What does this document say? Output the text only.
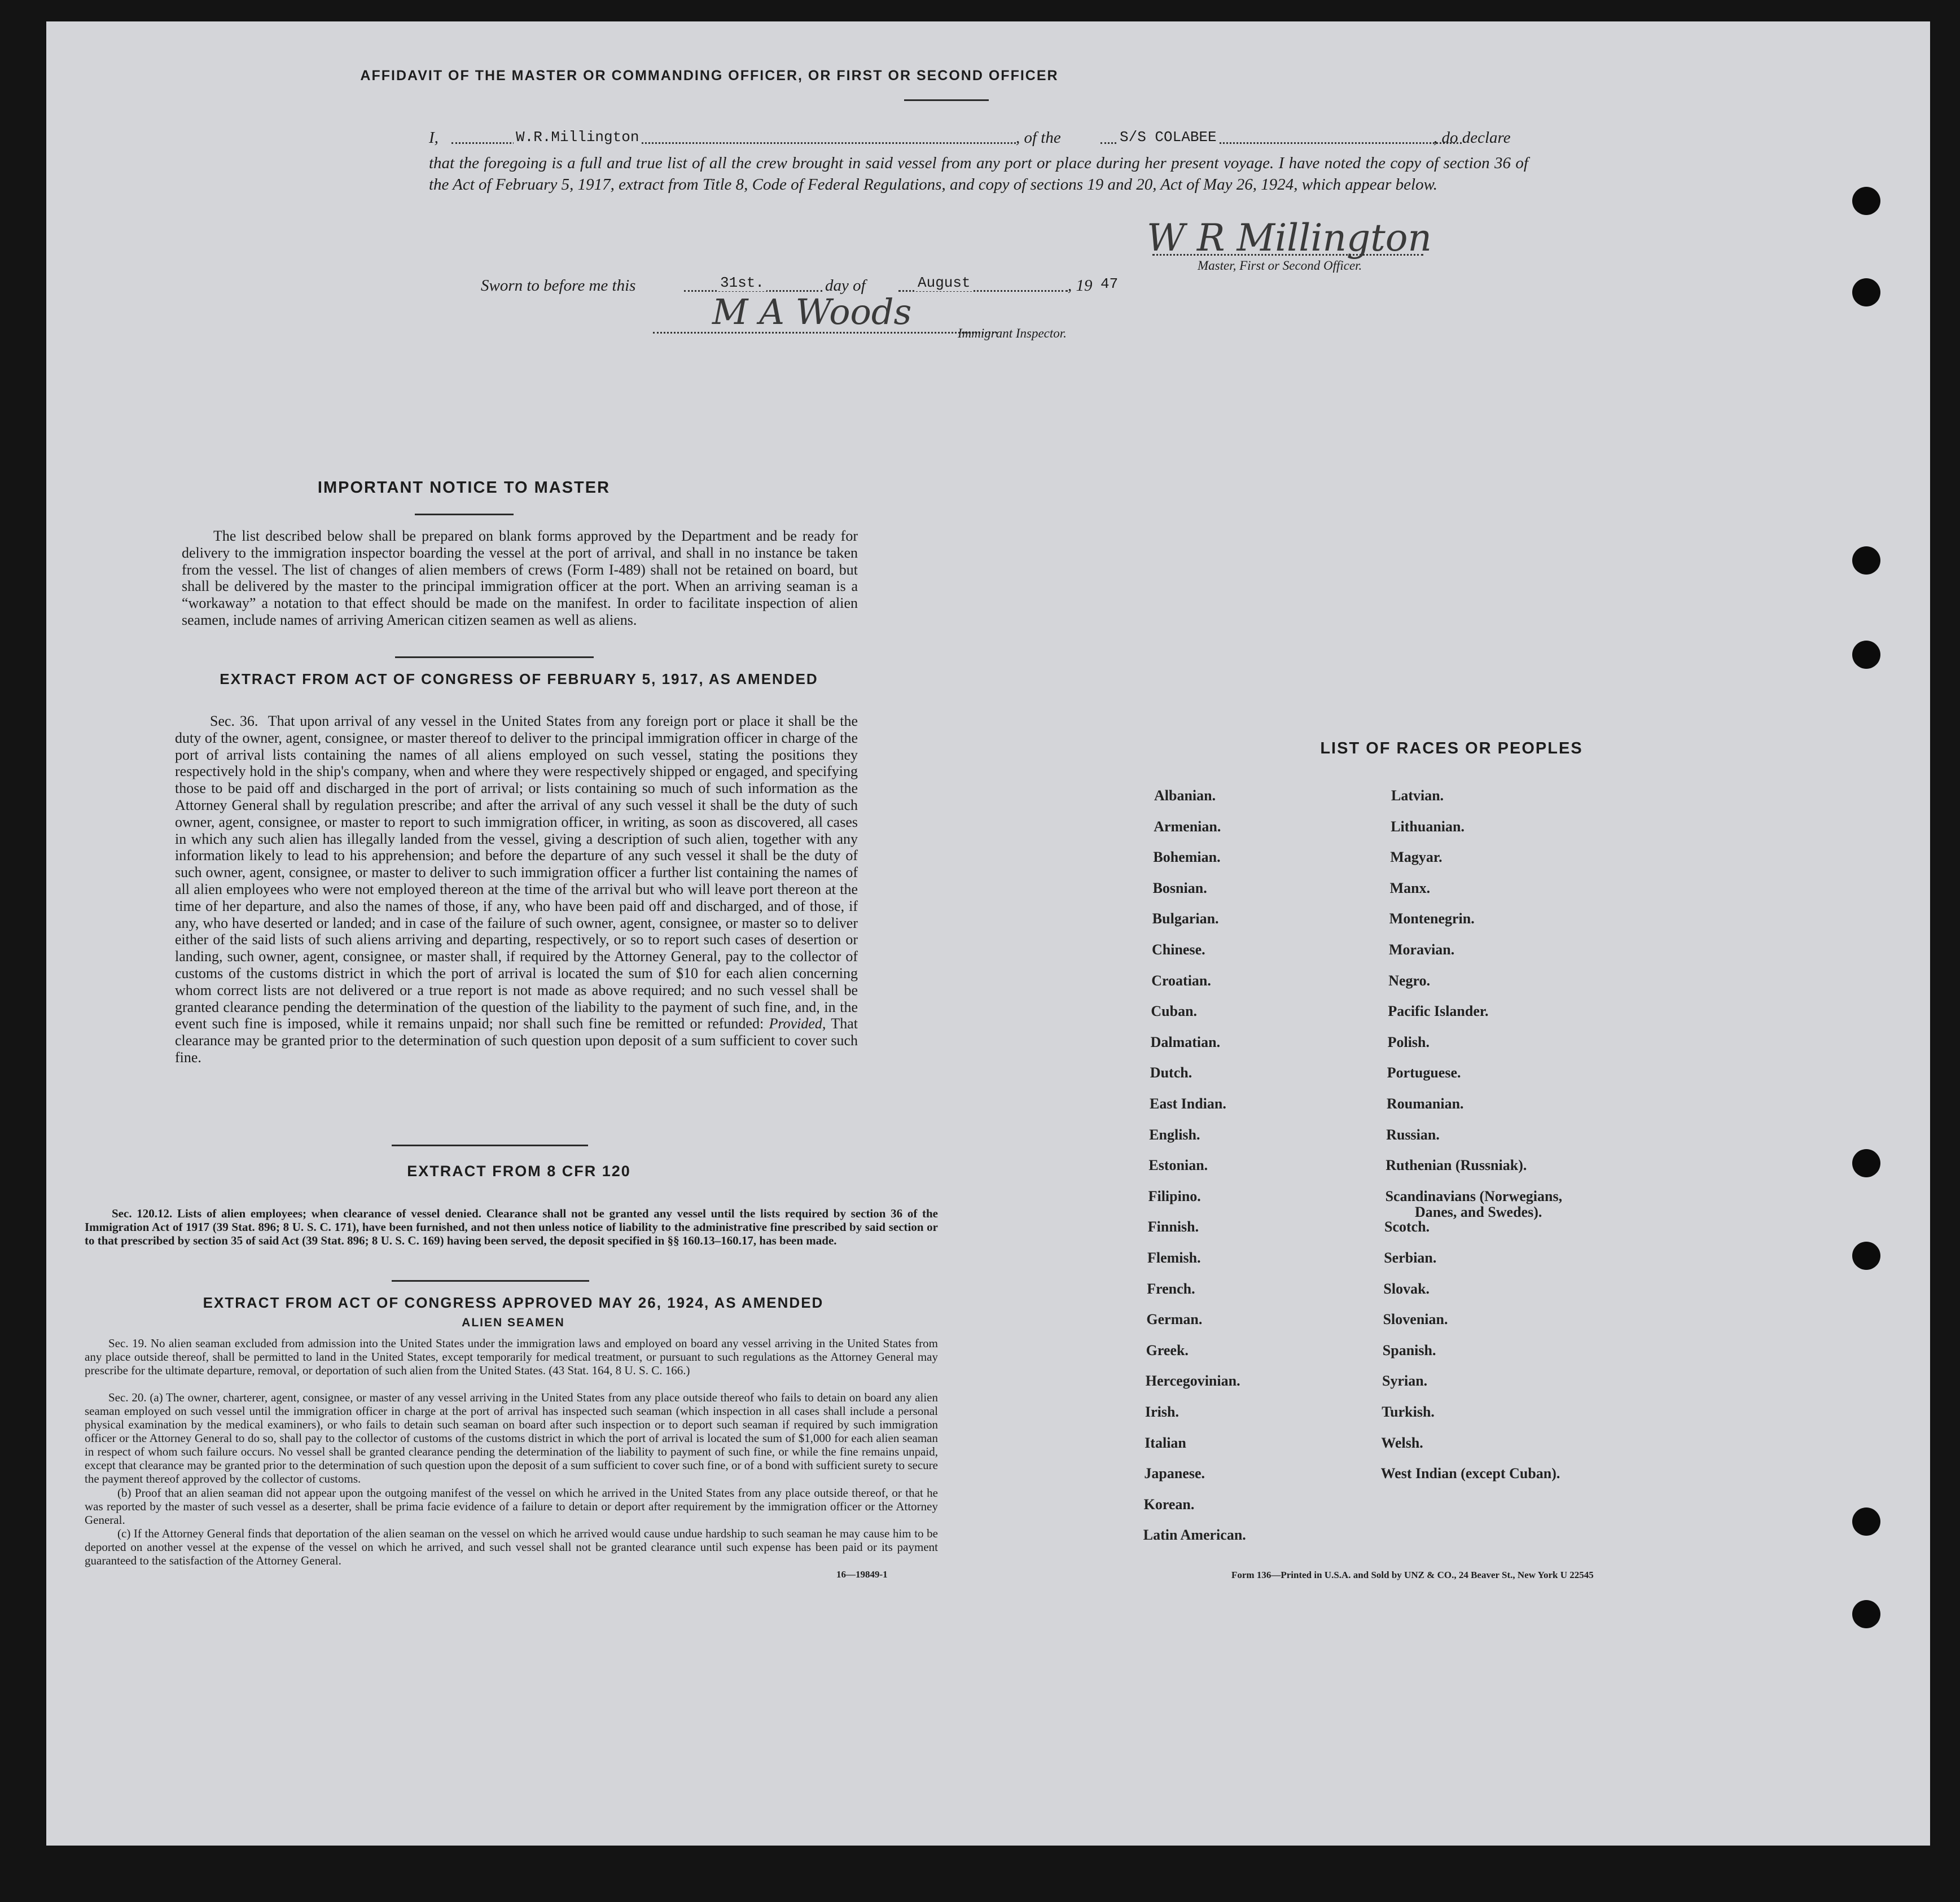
AFFIDAVIT OF THE MASTER OR COMMANDING OFFICER, OR FIRST OR SECOND OFFICER
I,	W.R.Millington	, of the	S/S COLABEE	, do declare
that the foregoing is a full and true list of all the crew brought in said vessel from any port or place during her present voyage. I have noted the copy of section 36 of the Act of February 5, 1917, extract from Title 8, Code of Federal Regulations, and copy of sections 19 and 20, Act of May 26, 1924, which appear below.
W R Millington
Master, First or Second Officer.
Sworn to before me this	31st.	day of	August	, 19 47
M A Woods
Immigrant Inspector.
IMPORTANT NOTICE TO MASTER
The list described below shall be prepared on blank forms approved by the Department and be ready for delivery to the immigration inspector boarding the vessel at the port of arrival, and shall in no instance be taken from the vessel. The list of changes of alien members of crews (Form I-489) shall not be retained on board, but shall be delivered by the master to the principal immigration officer at the port. When an arriving seaman is a “workaway” a notation to that effect should be made on the manifest. In order to facilitate inspection of alien seamen, include names of arriving American citizen seamen as well as aliens.
EXTRACT FROM ACT OF CONGRESS OF FEBRUARY 5, 1917, AS AMENDED
Sec. 36. That upon arrival of any vessel in the United States from any foreign port or place it shall be the duty of the owner, agent, consignee, or master thereof to deliver to the principal immigration officer in charge of the port of arrival lists containing the names of all aliens employed on such vessel, stating the positions they respectively hold in the ship's company, when and where they were respectively shipped or engaged, and specifying those to be paid off and discharged in the port of arrival; or lists containing so much of such information as the Attorney General shall by regulation prescribe; and after the arrival of any such vessel it shall be the duty of such owner, agent, consignee, or master to report to such immigration officer, in writing, as soon as discovered, all cases in which any such alien has illegally landed from the vessel, giving a description of such alien, together with any information likely to lead to his apprehension; and before the departure of any such vessel it shall be the duty of such owner, agent, consignee, or master to deliver to such immigration officer a further list containing the names of all alien employees who were not employed thereon at the time of the arrival but who will leave port thereon at the time of her departure, and also the names of those, if any, who have been paid off and discharged, and of those, if any, who have deserted or landed; and in case of the failure of such owner, agent, consignee, or master so to deliver either of the said lists of such aliens arriving and departing, respectively, or so to report such cases of desertion or landing, such owner, agent, consignee, or master shall, if required by the Attorney General, pay to the collector of customs of the customs district in which the port of arrival is located the sum of $10 for each alien concerning whom correct lists are not delivered or a true report is not made as above required; and no such vessel shall be granted clearance pending the determination of the question of the liability to the payment of such fine, and, in the event such fine is imposed, while it remains unpaid; nor shall such fine be remitted or refunded: Provided, That clearance may be granted prior to the determination of such question upon deposit of a sum sufficient to cover such fine.
EXTRACT FROM 8 CFR 120
Sec. 120.12. Lists of alien employees; when clearance of vessel denied. Clearance shall not be granted any vessel until the lists required by section 36 of the Immigration Act of 1917 (39 Stat. 896; 8 U. S. C. 171), have been furnished, and not then unless notice of liability to the administrative fine prescribed by said section or to that prescribed by section 35 of said Act (39 Stat. 896; 8 U. S. C. 169) having been served, the deposit specified in §§ 160.13–160.17, has been made.
EXTRACT FROM ACT OF CONGRESS APPROVED MAY 26, 1924, AS AMENDED
ALIEN SEAMEN
Sec. 19. No alien seaman excluded from admission into the United States under the immigration laws and employed on board any vessel arriving in the United States from any place outside thereof, shall be permitted to land in the United States, except temporarily for medical treatment, or pursuant to such regulations as the Attorney General may prescribe for the ultimate departure, removal, or deportation of such alien from the United States. (43 Stat. 164, 8 U. S. C. 166.)
Sec. 20. (a) The owner, charterer, agent, consignee, or master of any vessel arriving in the United States from any place outside thereof who fails to detain on board any alien seaman employed on such vessel until the immigration officer in charge at the port of arrival has inspected such seaman (which inspection in all cases shall include a personal physical examination by the medical examiners), or who fails to detain such seaman on board after such inspection or to deport such seaman if required by such immigration officer or the Attorney General to do so, shall pay to the collector of customs of the customs district in which the port of arrival is located the sum of $1,000 for each alien seaman in respect of whom such failure occurs. No vessel shall be granted clearance pending the determination of the liability to payment of such fine, or while the fine remains unpaid, except that clearance may be granted prior to the determination of such question upon the deposit of a sum sufficient to cover such fine, or of a bond with sufficient surety to secure the payment thereof approved by the collector of customs.
(b) Proof that an alien seaman did not appear upon the outgoing manifest of the vessel on which he arrived in the United States from any place outside thereof, or that he was reported by the master of such vessel as a deserter, shall be prima facie evidence of a failure to detain or deport after requirement by the immigration officer or the Attorney General.
(c) If the Attorney General finds that deportation of the alien seaman on the vessel on which he arrived would cause undue hardship to such seaman he may cause him to be deported on another vessel at the expense of the vessel on which he arrived, and such vessel shall not be granted clearance until such expense has been paid or its payment guaranteed to the satisfaction of the Attorney General.
16—19849-1
LIST OF RACES OR PEOPLES
Form 136—Printed in U.S.A. and Sold by UNZ & CO., 24 Beaver St., New York U 22545
Albanian.
Armenian.
Bohemian.
Bosnian.
Bulgarian.
Chinese.
Croatian.
Cuban.
Dalmatian.
Dutch.
East Indian.
English.
Estonian.
Filipino.
Finnish.
Flemish.
French.
German.
Greek.
Hercegovinian.
Irish.
Italian
Japanese.
Korean.
Latin American.
Latvian.
Lithuanian.
Magyar.
Manx.
Montenegrin.
Moravian.
Negro.
Pacific Islander.
Polish.
Portuguese.
Roumanian.
Russian.
Ruthenian (Russniak).
Scandinavians (Norwegians,
Danes, and Swedes).
Scotch.
Serbian.
Slovak.
Slovenian.
Spanish.
Syrian.
Turkish.
Welsh.
West Indian (except Cuban).
